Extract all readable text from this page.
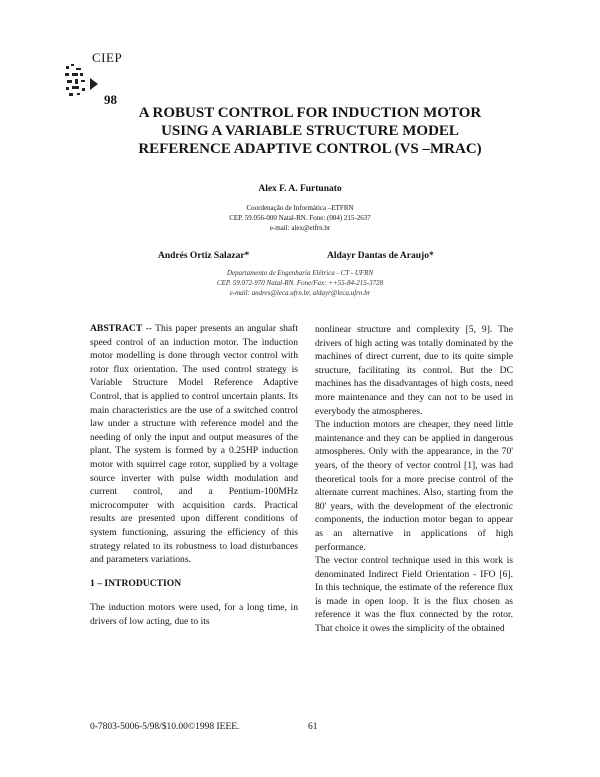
CIEP
98
A ROBUST CONTROL FOR INDUCTION MOTOR
USING A VARIABLE STRUCTURE MODEL
REFERENCE ADAPTIVE CONTROL (VS –MRAC)
Alex F. A. Furtunato
Coordenação de Informática –ETFRN
CEP. 59.056-000 Natal-RN. Fone: (084) 215-2637
e-mail: alex@etfrn.br
Andrés Ortiz Salazar*	Aldayr Dantas de Araujo*
Departamento de Engenharia Elétrica - CT - UFRN
CEP. 59.072-970 Natal-RN. Fone/Fax: ++55-84-215-3728
e-mail: andres@leca.ufrn.br, aldayr@leca.ufrn.br

ABSTRACT -- This paper presents an angular shaft speed control of an induction motor. The induction motor modelling is done through vector control with rotor flux orientation. The used control strategy is Variable Structure Model Reference Adaptive Control, that is applied to control uncertain plants. Its main characteristics are the use of a switched control law under a structure with reference model and the needing of only the input and output measures of the plant. The system is formed by a 0.25HP induction motor with squirrel cage rotor, supplied by a voltage source inverter with pulse width modulation and current control, and a Pentium-100MHz microcomputer with acquisition cards. Practical results are presented upon different conditions of system functioning, assuring the efficiency of this strategy related to its robustness to load disturbances and parameters variations.

1 – INTRODUCTION

The induction motors were used, for a long time, in drivers of low acting, due to its

nonlinear structure and complexity [5, 9]. The drivers of high acting was totally dominated by the machines of direct current, due to its quite simple structure, facilitating its control. But the DC machines has the disadvantages of high costs, need more maintenance and they can not to be used in everybody the atmospheres.

The induction motors are cheaper, they need little maintenance and they can be applied in dangerous atmospheres. Only with the appearance, in the 70' years, of the theory of vector control [1], was had theoretical tools for a more precise control of the alternate current machines. Also, starting from the 80' years, with the development of the electronic components, the induction motor began to appear as an alternative in applications of high performance.

The vector control technique used in this work is denominated Indirect Field Orientation - IFO [6]. In this technique, the estimate of the reference flux is made in open loop. It is the flux chosen as reference it was the flux connected by the rotor. That choice it owes the simplicity of the obtained

0-7803-5006-5/98/$10.00©1998 IEEE.	61
